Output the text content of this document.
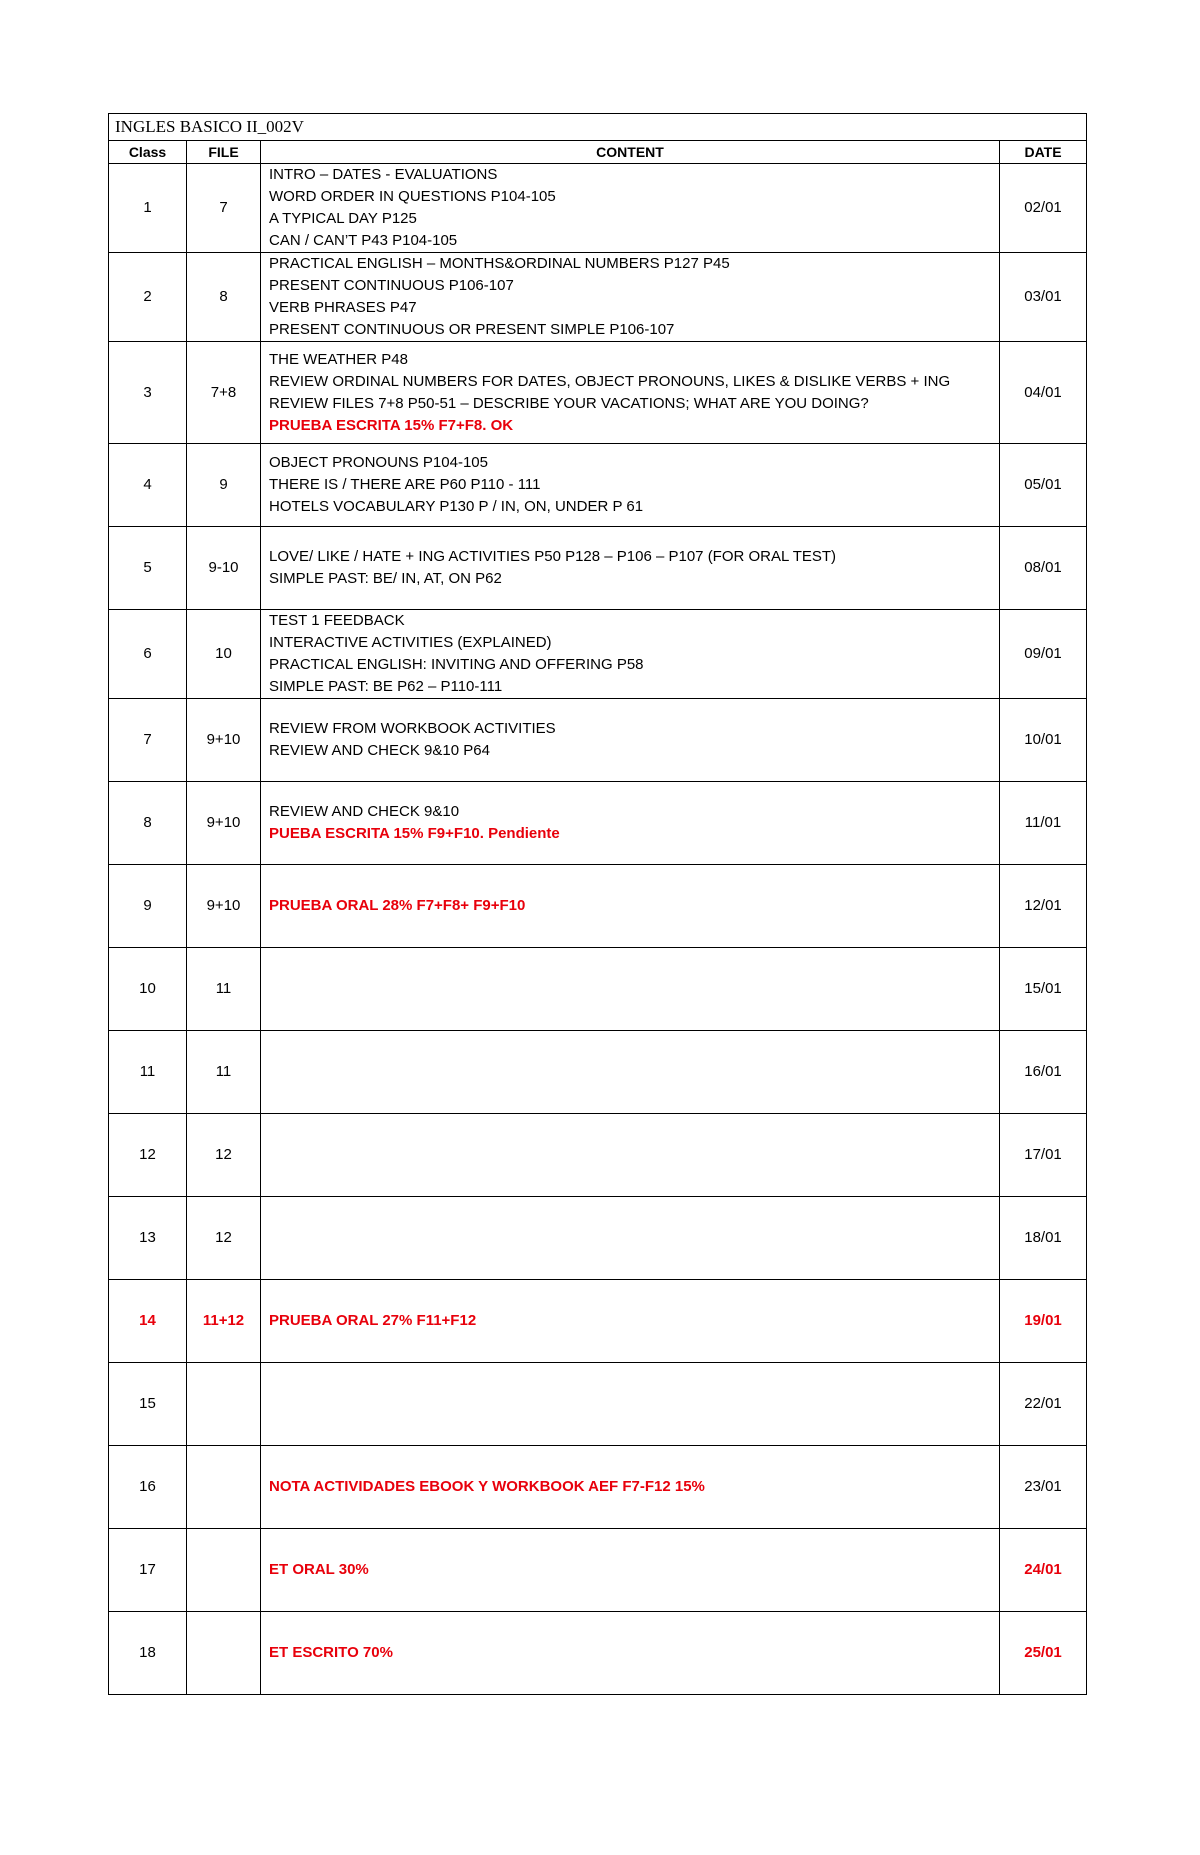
INGLES BASICO II_002V			
Class	FILE	CONTENT	DATE
1	7	INTRO – DATES - EVALUATIONS
WORD ORDER IN QUESTIONS P104-105
A TYPICAL DAY P125
CAN / CAN’T P43 P104-105	02/01
2	8	PRACTICAL ENGLISH – MONTHS&ORDINAL NUMBERS P127 P45
PRESENT CONTINUOUS P106-107
VERB PHRASES P47
PRESENT CONTINUOUS OR PRESENT SIMPLE P106-107	03/01
3	7+8	THE WEATHER P48
REVIEW ORDINAL NUMBERS FOR DATES, OBJECT PRONOUNS, LIKES & DISLIKE VERBS + ING
REVIEW FILES 7+8 P50-51 – DESCRIBE YOUR VACATIONS; WHAT ARE YOU DOING?
PRUEBA ESCRITA 15% F7+F8. OK	04/01
4	9	OBJECT PRONOUNS P104-105
THERE IS / THERE ARE P60 P110 - 111
HOTELS VOCABULARY P130 P / IN, ON, UNDER P 61	05/01
5	9-10	LOVE/ LIKE / HATE + ING ACTIVITIES P50 P128 – P106 – P107 (FOR ORAL TEST)
SIMPLE PAST: BE/ IN, AT, ON P62	08/01
6	10	TEST 1 FEEDBACK
INTERACTIVE ACTIVITIES (EXPLAINED)
PRACTICAL ENGLISH: INVITING AND OFFERING P58
SIMPLE PAST: BE P62 – P110-111	09/01
7	9+10	REVIEW FROM WORKBOOK ACTIVITIES
REVIEW AND CHECK 9&10 P64	10/01
8	9+10	REVIEW AND CHECK 9&10
PUEBA ESCRITA 15% F9+F10. Pendiente	11/01
9	9+10	PRUEBA ORAL 28% F7+F8+ F9+F10	12/01
10	11		15/01
11	11		16/01
12	12		17/01
13	12		18/01
14	11+12	PRUEBA ORAL 27% F11+F12	19/01
15			22/01
16		NOTA ACTIVIDADES EBOOK Y WORKBOOK AEF F7-F12 15%	23/01
17		ET ORAL 30%	24/01
18		ET ESCRITO 70%	25/01
